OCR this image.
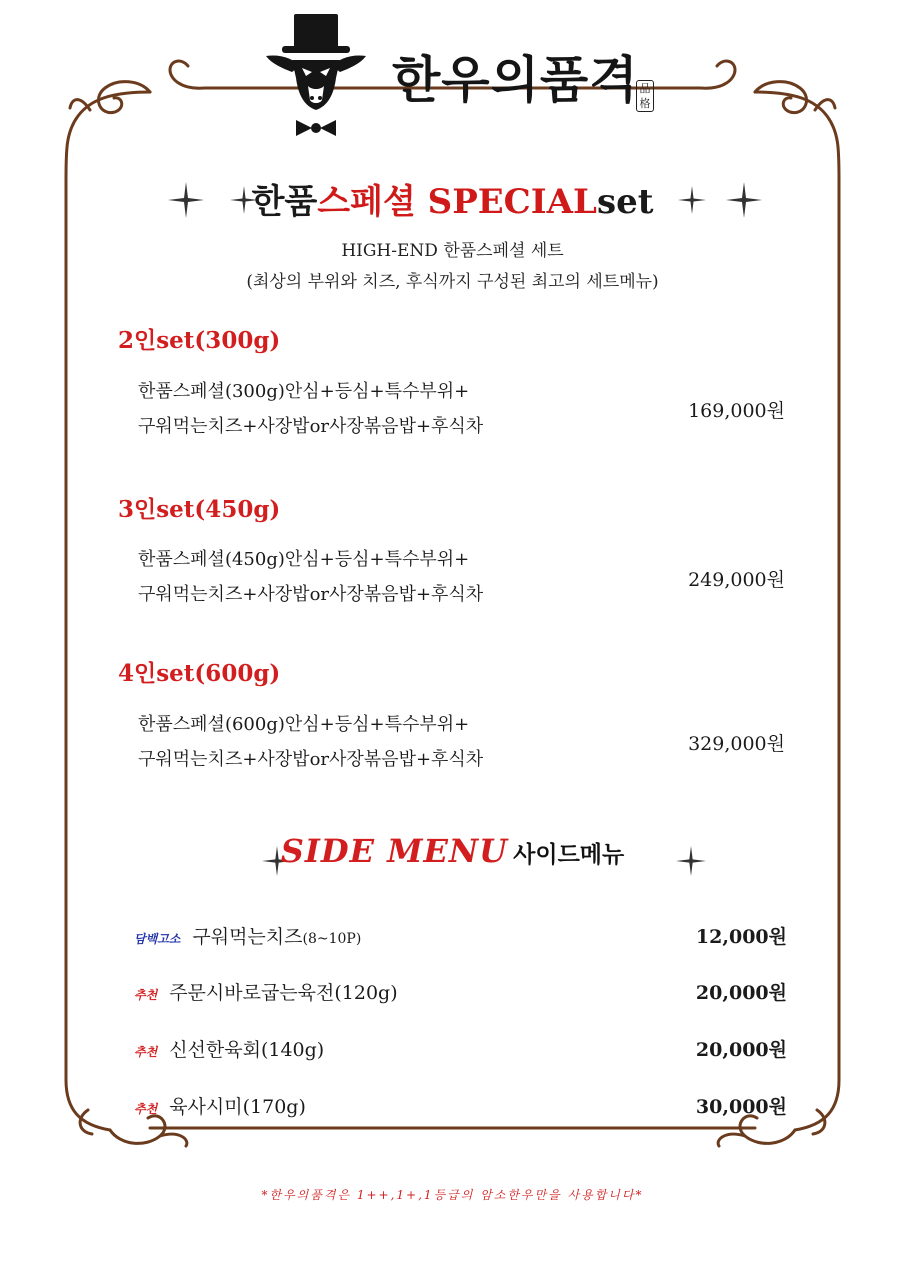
한우의품격 品格
한품스페셜 SPECIALset
HIGH-END 한품스페셜 세트
(최상의 부위와 치즈, 후식까지 구성된 최고의 세트메뉴)
2인set(300g)
한품스페셜(300g)안심+등심+특수부위+
구워먹는치즈+사장밥or사장볶음밥+후식차
169,000원
3인set(450g)
한품스페셜(450g)안심+등심+특수부위+
구워먹는치즈+사장밥or사장볶음밥+후식차
249,000원
4인set(600g)
한품스페셜(600g)안심+등심+특수부위+
구워먹는치즈+사장밥or사장볶음밥+후식차
329,000원
SIDE MENU 사이드메뉴
담백고소 구워먹는치즈(8~10P)	12,000원
추천 주문시바로굽는육전(120g)	20,000원
추천 신선한육회(140g)	20,000원
추천 육사시미(170g)	30,000원
*한우의품격은 1++,1+,1등급의 암소한우만을 사용합니다*
